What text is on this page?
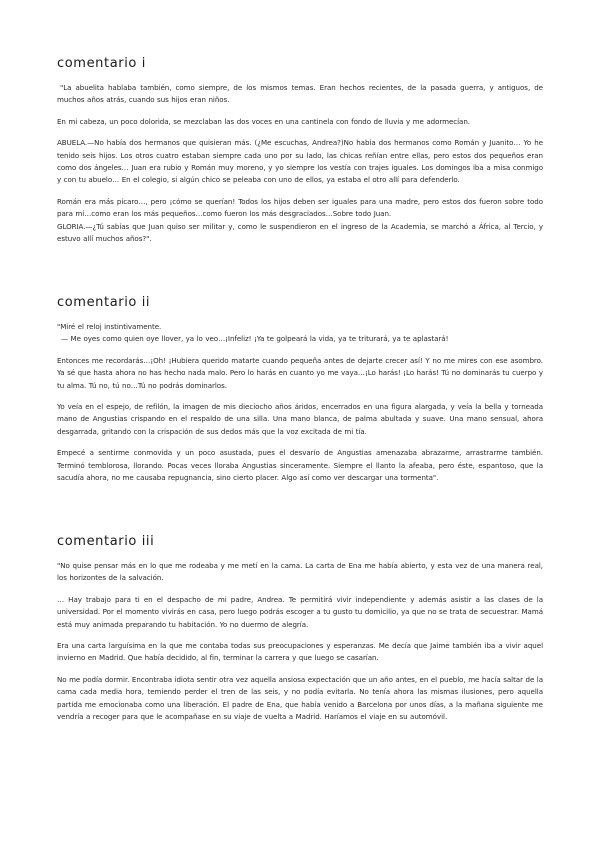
comentario i

"La abuelita hablaba también, como siempre, de los mismos temas. Eran hechos recientes, de la pasada guerra, y antiguos, de muchos años atrás, cuando sus hijos eran niños.

En mi cabeza, un poco dolorida, se mezclaban las dos voces en una cantinela con fondo de lluvia y me adormecían.

ABUELA.—No había dos hermanos que quisieran más. (¿Me escuchas, Andrea?)No había dos hermanos como Román y Juanito… Yo he tenido seis hijos. Los otros cuatro estaban siempre cada uno por su lado, las chicas reñían entre ellas, pero estos dos pequeños eran como dos ángeles… Juan era rubio y Román muy moreno, y yo siempre los vestía con trajes iguales. Los domingos iba a misa conmigo y con tu abuelo… En el colegio, si algún chico se peleaba con uno de ellos, ya estaba el otro allí para defenderlo.

Román era más pícaro…, pero ¡cómo se querían! Todos los hijos deben ser iguales para una madre, pero estos dos fueron sobre todo para mí…como eran los más pequeños…como fueron los más desgraciados…Sobre todo Juan.

GLORIA.—¿Tú sabías que Juan quiso ser militar y, como le suspendieron en el ingreso de la Academia, se marchó a África, al Tercio, y estuvo allí muchos años?".

comentario ii

"Miré el reloj instintivamente.

— Me oyes como quien oye llover, ya lo veo…¡Infeliz! ¡Ya te golpeará la vida, ya te triturará, ya te aplastará!

Entonces me recordarás…¡Oh! ¡Hubiera querido matarte cuando pequeña antes de dejarte crecer así! Y no me mires con ese asombro. Ya sé que hasta ahora no has hecho nada malo. Pero lo harás en cuanto yo me vaya…¡Lo harás! ¡Lo harás! Tú no dominarás tu cuerpo y tu alma. Tú no, tú no…Tú no podrás dominarlos.

Yo veía en el espejo, de refilón, la imagen de mis dieciocho años áridos, encerrados en una figura alargada, y veía la bella y torneada mano de Angustias crispando en el respaldo de una silla. Una mano blanca, de palma abultada y suave. Una mano sensual, ahora desgarrada, gritando con la crispación de sus dedos más que la voz excitada de mi tía.

Empecé a sentirme conmovida y un poco asustada, pues el desvarío de Angustias amenazaba abrazarme, arrastrarme también. Terminó temblorosa, llorando. Pocas veces lloraba Angustias sinceramente. Siempre el llanto la afeaba, pero éste, espantoso, que la sacudía ahora, no me causaba repugnancia, sino cierto placer. Algo así como ver descargar una tormenta".

comentario iii

"No quise pensar más en lo que me rodeaba y me metí en la cama. La carta de Ena me había abierto, y esta vez de una manera real, los horizontes de la salvación.

… Hay trabajo para ti en el despacho de mi padre, Andrea. Te permitirá vivir independiente y además asistir a las clases de la universidad. Por el momento vivirás en casa, pero luego podrás escoger a tu gusto tu domicilio, ya que no se trata de secuestrar. Mamá está muy animada preparando tu habitación. Yo no duermo de alegría.

Era una carta larguísima en la que me contaba todas sus preocupaciones y esperanzas. Me decía que Jaime también iba a vivir aquel invierno en Madrid. Que había decidido, al fin, terminar la carrera y que luego se casarían.

No me podía dormir. Encontraba idiota sentir otra vez aquella ansiosa expectación que un año antes, en el pueblo, me hacía saltar de la cama cada media hora, temiendo perder el tren de las seis, y no podía evitarla. No tenía ahora las mismas ilusiones, pero aquella partida me emocionaba como una liberación. El padre de Ena, que había venido a Barcelona por unos días, a la mañana siguiente me vendría a recoger para que le acompañase en su viaje de vuelta a Madrid. Haríamos el viaje en su automóvil.
